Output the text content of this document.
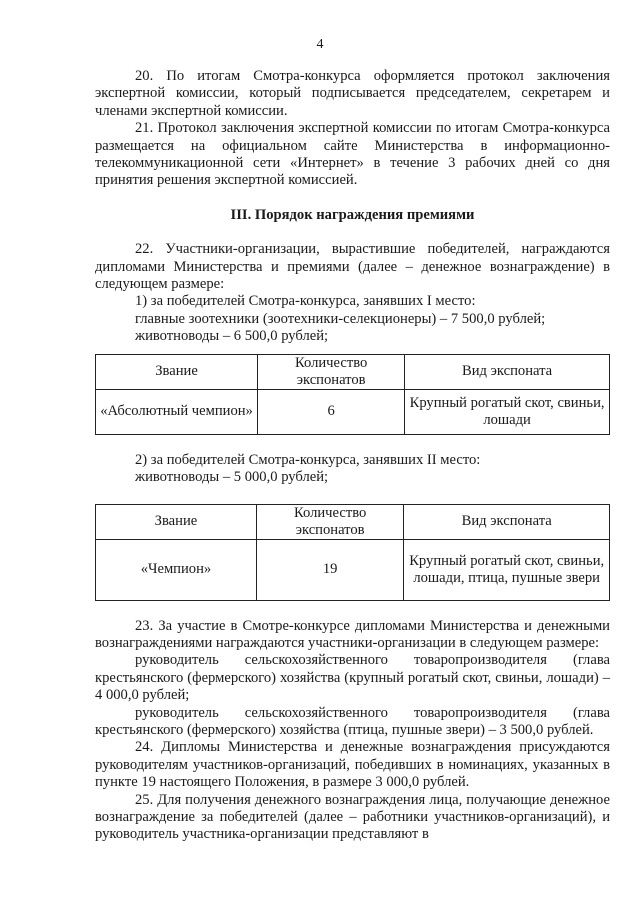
4

20. По итогам Смотра-конкурса оформляется протокол заключения экспертной комиссии, который подписывается председателем, секретарем и членами экспертной комиссии.

21. Протокол заключения экспертной комиссии по итогам Смотра-конкурса размещается на официальном сайте Министерства в информационно-телекоммуникационной сети «Интернет» в течение 3 рабочих дней со дня принятия решения экспертной комиссией.

III. Порядок награждения премиями

22. Участники-организации, вырастившие победителей, награждаются дипломами Министерства и премиями (далее – денежное вознаграждение) в следующем размере:

1) за победителей Смотра-конкурса, занявших I место:

главные зоотехники (зоотехники-селекционеры) – 7 500,0 рублей;

животноводы – 6 500,0 рублей;

Звание	Количество экспонатов	Вид экспоната
«Абсолютный чемпион»	6	Крупный рогатый скот, свиньи, лошади

2) за победителей Смотра-конкурса, занявших II место:

животноводы – 5 000,0 рублей;

Звание	Количество экспонатов	Вид экспоната
«Чемпион»	19	Крупный рогатый скот, свиньи, лошади, птица, пушные звери

23. За участие в Смотре-конкурсе дипломами Министерства и денежными вознаграждениями награждаются участники-организации в следующем размере:

руководитель сельскохозяйственного товаропроизводителя (глава крестьянского (фермерского) хозяйства (крупный рогатый скот, свиньи, лошади) – 4 000,0 рублей;

руководитель сельскохозяйственного товаропроизводителя (глава крестьянского (фермерского) хозяйства (птица, пушные звери) – 3 500,0 рублей.

24. Дипломы Министерства и денежные вознаграждения присуждаются руководителям участников-организаций, победивших в номинациях, указанных в пункте 19 настоящего Положения, в размере 3 000,0 рублей.

25. Для получения денежного вознаграждения лица, получающие денежное вознаграждение за победителей (далее – работники участников-организаций), и руководитель участника-организации представляют в
